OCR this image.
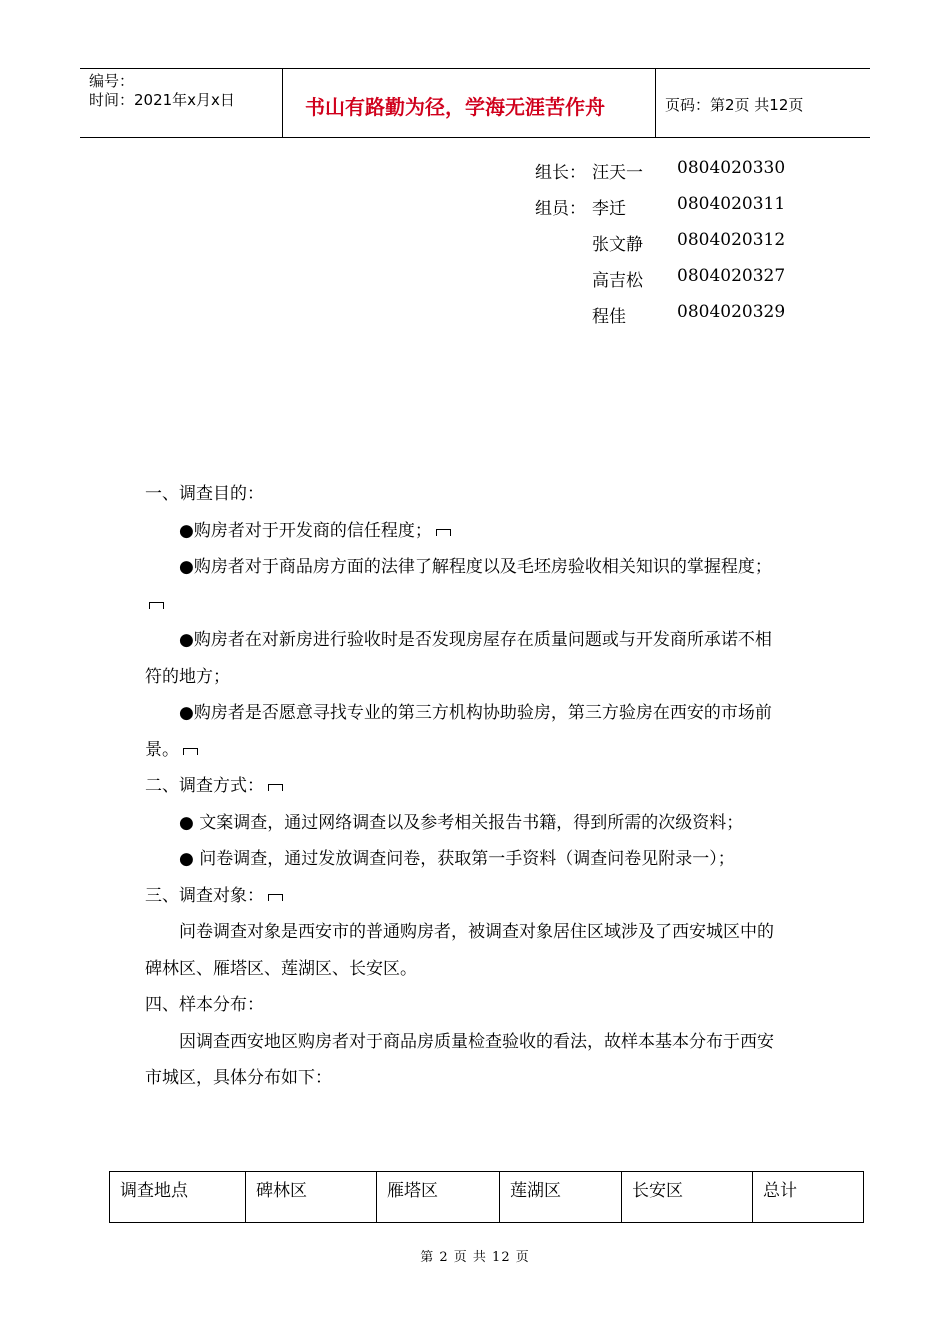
编号：
时间：2021年x月x日	书山有路勤为径，学海无涯苦作舟	页码：第2页 共12页
组长： 汪天一 0804020330
组员： 李迁	0804020311
张文静 0804020312
高吉松 0804020327
程佳	0804020329

一、调查目的：

●购房者对于开发商的信任程度；

●购房者对于商品房方面的法律了解程度以及毛坯房验收相关知识的掌握程度；

●购房者在对新房进行验收时是否发现房屋存在质量问题或与开发商所承诺不相符的地方；

●购房者是否愿意寻找专业的第三方机构协助验房，第三方验房在西安的市场前景。

二、调查方式：

● 文案调查，通过网络调查以及参考相关报告书籍，得到所需的次级资料；

● 问卷调查，通过发放调查问卷，获取第一手资料（调查问卷见附录一）；

三、调查对象：

问卷调查对象是西安市的普通购房者，被调查对象居住区域涉及了西安城区中的碑林区、雁塔区、莲湖区、长安区。

四、样本分布：

因调查西安地区购房者对于商品房质量检查验收的看法，故样本基本分布于西安市城区，具体分布如下：

调查地点	碑林区	雁塔区	莲湖区	长安区	总计
第 2 页 共 12 页
